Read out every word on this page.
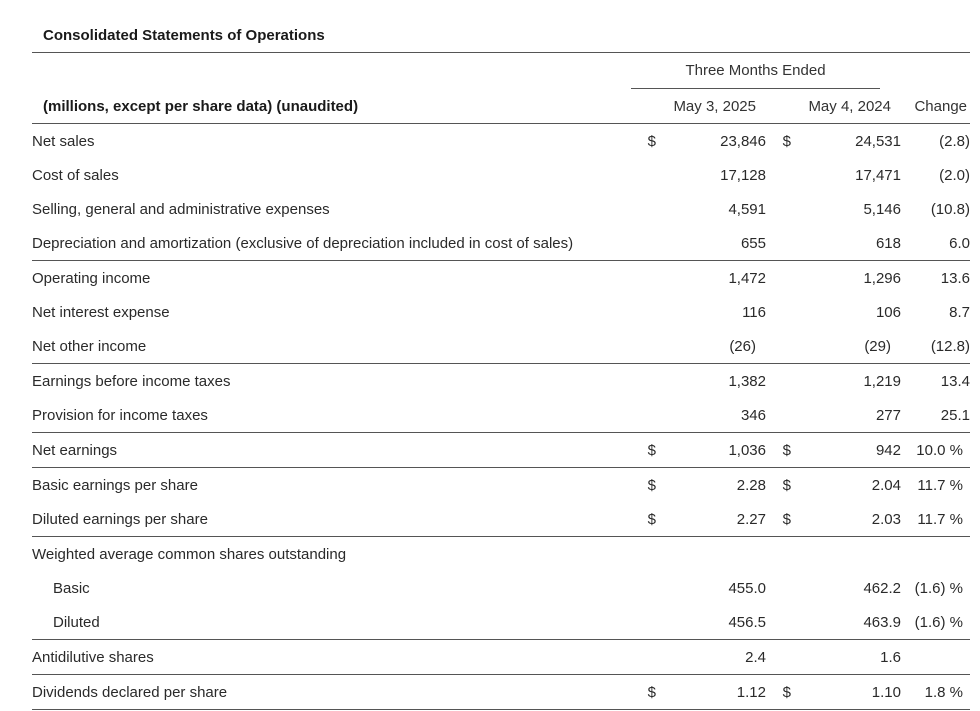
Consolidated Statements of Operations
Three Months Ended
(millions, except per share data) (unaudited)	May 3, 2025		May 4, 2024		Change
Net sales	$	23,846	$	24,531	(2.8)
Cost of sales		17,128		17,471	(2.0)
Selling, general and administrative expenses		4,591		5,146	(10.8)
Depreciation and amortization (exclusive of depreciation included in cost of sales)		655		618	6.0
Operating income		1,472		1,296	13.6
Net interest expense		116		106	8.7
Net other income		(26)		(29)	(12.8)
Earnings before income taxes		1,382		1,219	13.4
Provision for income taxes		346		277	25.1
Net earnings	$	1,036	$	942	10.0 %
Basic earnings per share	$	2.28	$	2.04	11.7 %
Diluted earnings per share	$	2.27	$	2.03	11.7 %
Weighted average common shares outstanding					
Basic		455.0		462.2	(1.6) %
Diluted		456.5		463.9	(1.6) %
Antidilutive shares		2.4		1.6	
Dividends declared per share	$	1.12	$	1.10	1.8 %
